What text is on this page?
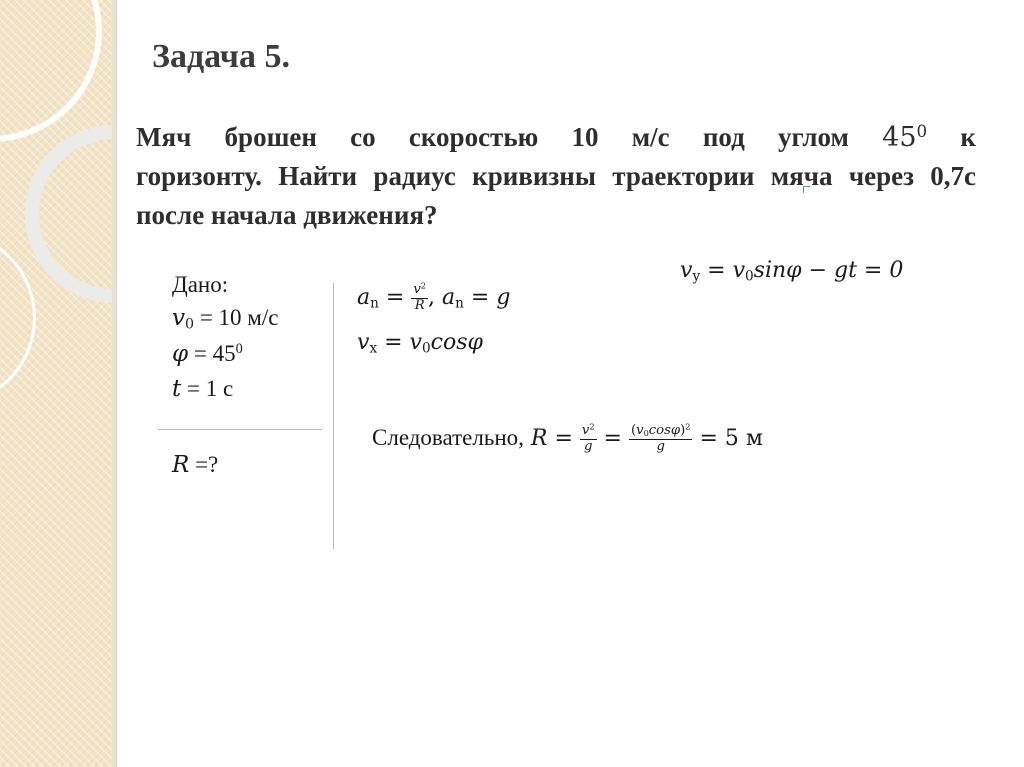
Задача 5.
Мяч брошен со скоростью 10 м/с под углом $45^0$ к
горизонту. Найти радиус кривизны траектории мяча через 0,7с после начала движения?
Дано:
$v_0 = 10$ м/с
$\varphi = 45^0$
t = 1 с
R =?
$a_n = \frac{v^2}{R}$ , $a_n = g$
$v_x = v_0\cos\varphi$
$v_y = v_0\sin\varphi$ − gt = 0
Следовательно, $R = \frac{v^2}{g} = \frac{(v_0\cos\varphi)^2}{g} = 5$ м
